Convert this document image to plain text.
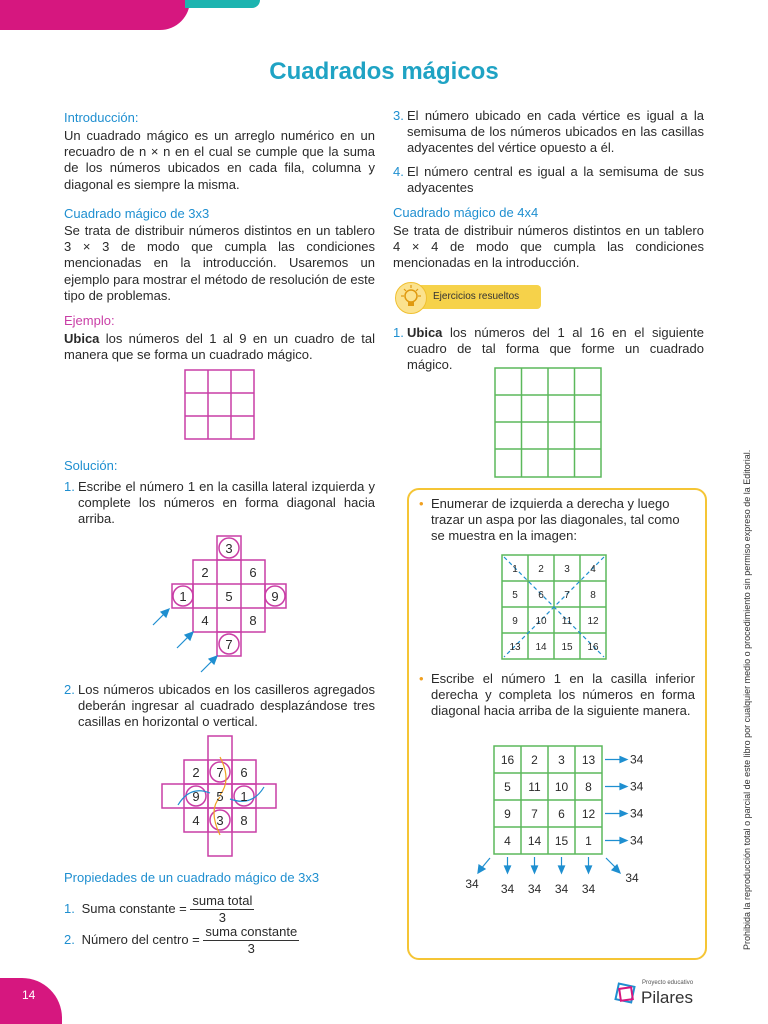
Cuadrados mágicos
Introducción:
Un cuadrado mágico es un arreglo numérico en un recuadro de n × n en el cual se cumple que la suma de los números ubicados en cada fila, columna y diagonal es siempre la misma.
Cuadrado mágico de 3x3
Se trata de distribuir números distintos en un tablero 3 × 3 de modo que cumpla las condiciones mencionadas en la introducción. Usaremos un ejemplo para mostrar el método de resolución de este tipo de problemas.
Ejemplo:
Ubica los números del 1 al 9 en un cuadro de tal manera que se forma un cuadrado mágico.
Solución:
1. Escribe el número 1 en la casilla lateral izquierda y complete los números en forma diagonal hacia arriba.
3
2	6
1	5	9
4	8
7
2. Los números ubicados en los casilleros agregados deberán ingresar al cuadrado desplazándose tres casillas en horizontal o vertical.
2 7 6
9 5 1
4 3 8
Propiedades de un cuadrado mágico de 3x3
1. Suma constante = $\frac{\text{suma total}}{3}$
2. Número del centro = $\frac{\text{suma constante}}{3}$
3. El número ubicado en cada vértice es igual a la semisuma de los números ubicados en las casillas adyacentes del vértice opuesto a él.
4. El número central es igual a la semisuma de sus adyacentes
Cuadrado mágico de 4x4
Se trata de distribuir números distintos en un tablero 4 × 4 de modo que cumpla las condiciones mencionadas en la introducción.
Ejercicios resueltos
1. Ubica los números del 1 al 16 en el siguiente cuadro de tal forma que forme un cuadrado mágico.
• Enumerar de izquierda a derecha y luego trazar un aspa por las diagonales, tal como se muestra en la imagen:
1 2 3 4
5 6 7 8
9 10 11 12
13 14 15 16
• Escribe el número 1 en la casilla inferior derecha y completa los números en forma diagonal hacia arriba de la siguiente manera.
16 2 3 13
5 11 10 8
9 7 6 12
4 14 15 1
34
34
34
34
34 34 34 34
34	34	Prohibida la reproducción total o parcial de este libro por cualquier medio o procedimiento sin permiso expreso de la Editorial.
14
Proyecto educativo
Pilares
